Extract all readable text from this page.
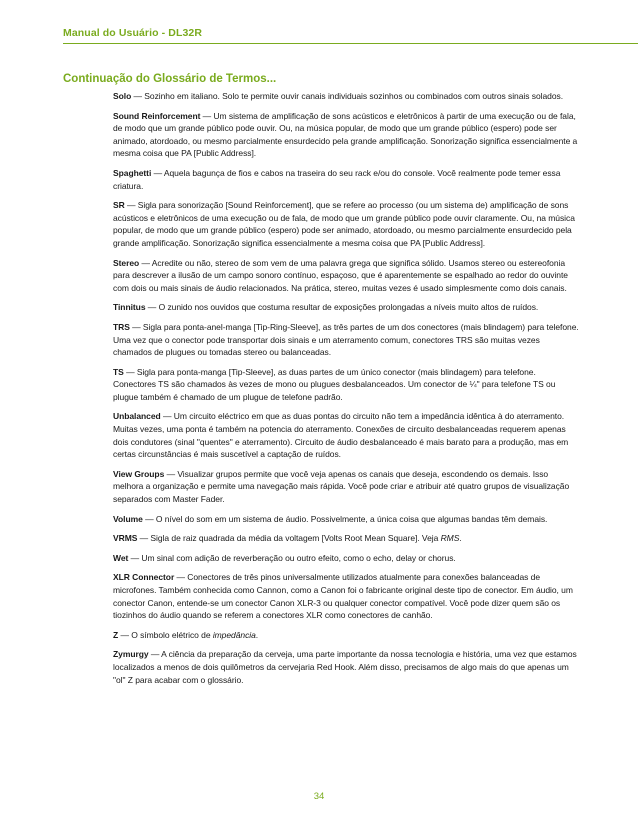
Manual do Usuário - DL32R
Continuação do Glossário de Termos...

Solo — Sozinho em italiano. Solo te permite ouvir canais individuais sozinhos ou combinados com outros sinais solados.

Sound Reinforcement — Um sistema de amplificação de sons acústicos e eletrônicos à partir de uma execução ou de fala, de modo que um grande público pode ouvir. Ou, na música popular, de modo que um grande público (espero) pode ser animado, atordoado, ou mesmo parcialmente ensurdecido pela grande amplificação. Sonorização significa essencialmente a mesma coisa que PA [Public Address].

Spaghetti — Aquela bagunça de fios e cabos na traseira do seu rack e/ou do console. Você realmente pode temer essa criatura.

SR — Sigla para sonorização [Sound Reinforcement], que se refere ao processo (ou um sistema de) amplificação de sons acústicos e eletrônicos de uma execução ou de fala, de modo que um grande público pode ouvir claramente. Ou, na música popular, de modo que um grande público (espero) pode ser animado, atordoado, ou mesmo parcialmente ensurdecido pela grande amplificação. Sonorização significa essencialmente a mesma coisa que PA [Public Address].

Stereo — Acredite ou não, stereo de som vem de uma palavra grega que significa sólido. Usamos stereo ou estereofonia para descrever a ilusão de um campo sonoro contínuo, espaçoso, que é aparentemente se espalhado ao redor do ouvinte com dois ou mais sinais de áudio relacionados. Na prática, stereo, muitas vezes é usado simplesmente como dois canais.

Tinnitus — O zunido nos ouvidos que costuma resultar de exposições prolongadas a níveis muito altos de ruídos.

TRS — Sigla para ponta-anel-manga [Tip-Ring-Sleeve], as três partes de um dos conectores (mais blindagem) para telefone. Uma vez que o conector pode transportar dois sinais e um aterramento comum, conectores TRS são muitas vezes chamados de plugues ou tomadas stereo ou balanceadas.

TS — Sigla para ponta-manga [Tip-Sleeve], as duas partes de um único conector (mais blindagem) para telefone. Conectores TS são chamados às vezes de mono ou plugues desbalanceados. Um conector de ¼" para telefone TS ou plugue também é chamado de um plugue de telefone padrão.

Unbalanced — Um circuito eléctrico em que as duas pontas do circuito não tem a impedância idêntica à do aterramento. Muitas vezes, uma ponta é também na potencia do aterramento. Conexões de circuito desbalanceadas requerem apenas dois condutores (sinal "quentes" e aterramento). Circuito de áudio desbalanceado é mais barato para a produção, mas em certas circunstâncias é mais suscetível a captação de ruídos.

View Groups — Visualizar grupos permite que você veja apenas os canais que deseja, escondendo os demais. Isso melhora a organização e permite uma navegação mais rápida. Você pode criar e atribuir até quatro grupos de visualização separados com Master Fader.

Volume — O nível do som em um sistema de áudio. Possivelmente, a única coisa que algumas bandas têm demais.

VRMS — Sigla de raiz quadrada da média da voltagem [Volts Root Mean Square]. Veja RMS.

Wet — Um sinal com adição de reverberação ou outro efeito, como o echo, delay or chorus.

XLR Connector — Conectores de três pinos universalmente utilizados atualmente para conexões balanceadas de microfones. Também conhecida como Cannon, como a Canon foi o fabricante original deste tipo de conector. Em áudio, um conector Canon, entende-se um conector Canon XLR-3 ou qualquer conector compatível. Você pode dizer quem são os tiozinhos do áudio quando se referem a conectores XLR como conectores de canhão.

Z — O símbolo elétrico de impedância.

Zymurgy — A ciência da preparação da cerveja, uma parte importante da nossa tecnologia e história, uma vez que estamos localizados a menos de dois quilômetros da cervejaria Red Hook. Além disso, precisamos de algo mais do que apenas um "ol" Z para acabar com o glossário.

34
